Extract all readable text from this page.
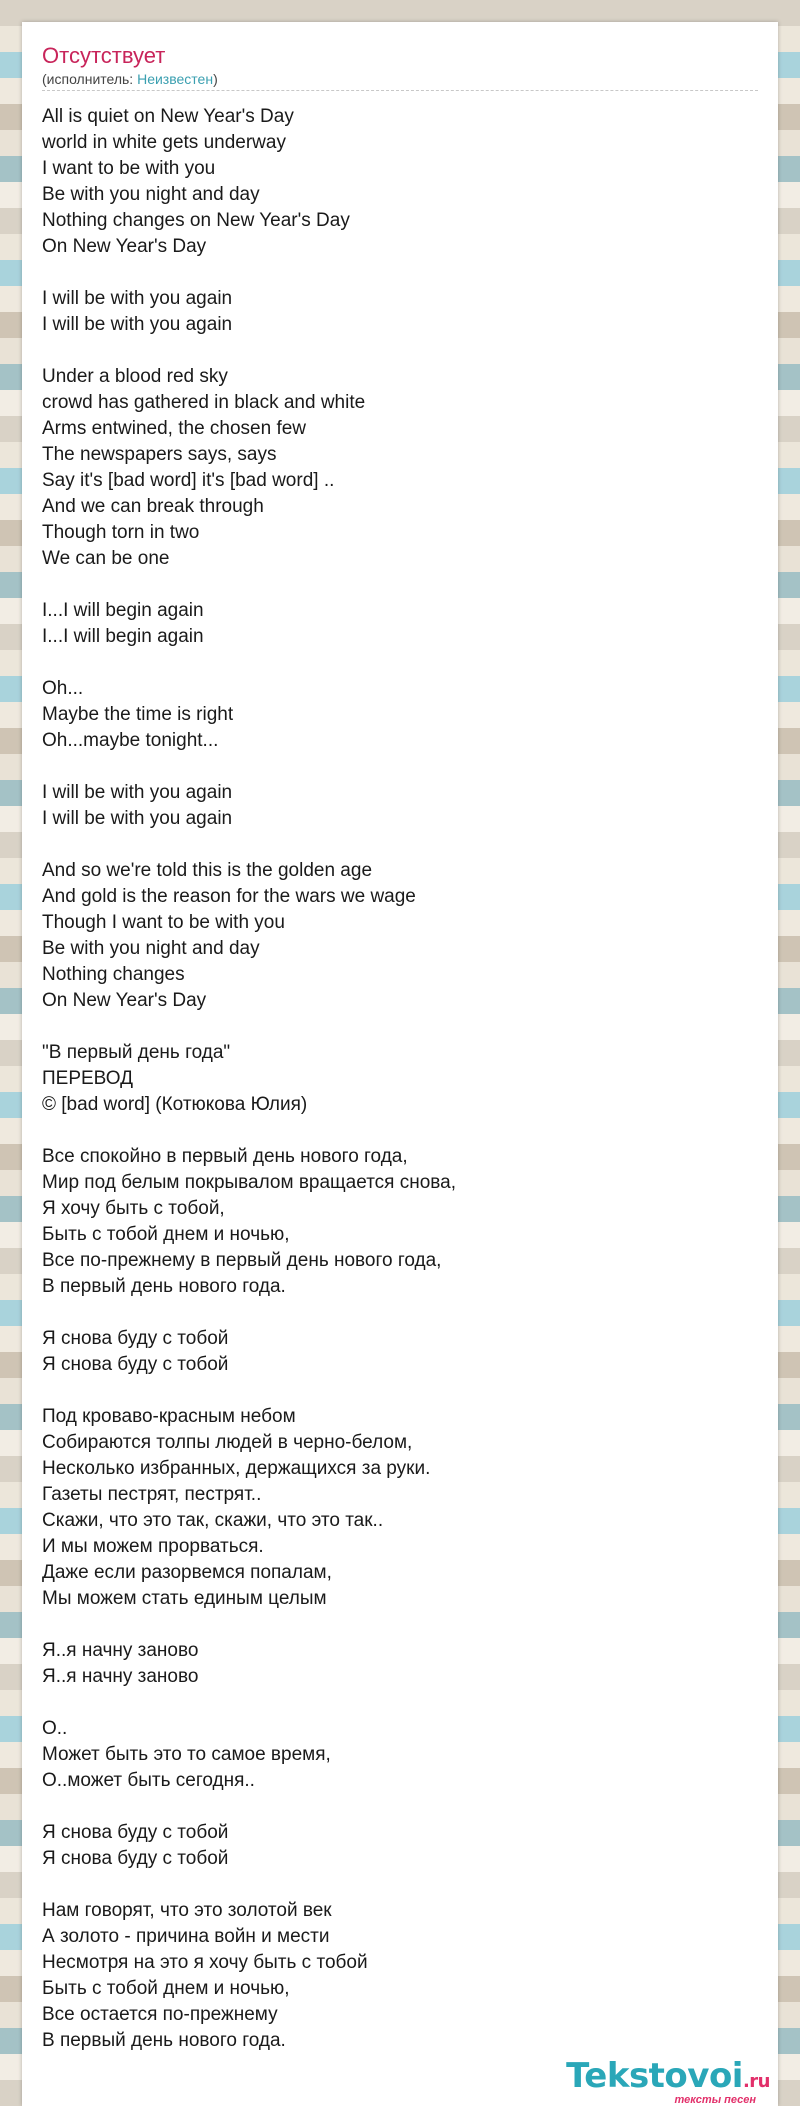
Отсутствует
(исполнитель: Неизвестен)
All is quiet on New Year's Day
world in white gets underway
I want to be with you
Be with you night and day
Nothing changes on New Year's Day
On New Year's Day
I will be with you again
I will be with you again
Under a blood red sky
crowd has gathered in black and white
Arms entwined, the chosen few
The newspapers says, says
Say it's [bad word] it's [bad word] ..
And we can break through
Though torn in two
We can be one
I...I will begin again
I...I will begin again
Oh...
Maybe the time is right
Oh...maybe tonight...
I will be with you again
I will be with you again
And so we're told this is the golden age
And gold is the reason for the wars we wage
Though I want to be with you
Be with you night and day
Nothing changes
On New Year's Day
"В первый день года"
ПЕРЕВОД
© [bad word] (Котюкова Юлия)
Все спокойно в первый день нового года,
Мир под белым покрывалом вращается снова,
Я хочу быть с тобой,
Быть с тобой днем и ночью,
Все по-прежнему в первый день нового года,
В первый день нового года.
Я снова буду с тобой
Я снова буду с тобой
Под кроваво-красным небом
Собираются толпы людей в черно-белом,
Несколько избранных, держащихся за руки.
Газеты пестрят, пестрят..
Скажи, что это так, скажи, что это так..
И мы можем прорваться.
Даже если разорвемся попалам,
Мы можем стать единым целым
Я..я начну заново
Я..я начну заново
О..
Может быть это то самое время,
О..может быть сегодня..
Я снова буду с тобой
Я снова буду с тобой
Нам говорят, что это золотой век
А золото - причина войн и мести
Несмотря на это я хочу быть с тобой
Быть с тобой днем и ночью,
Все остается по-прежнему
В первый день нового года.
Tekstovoi.ru
тексты песен
